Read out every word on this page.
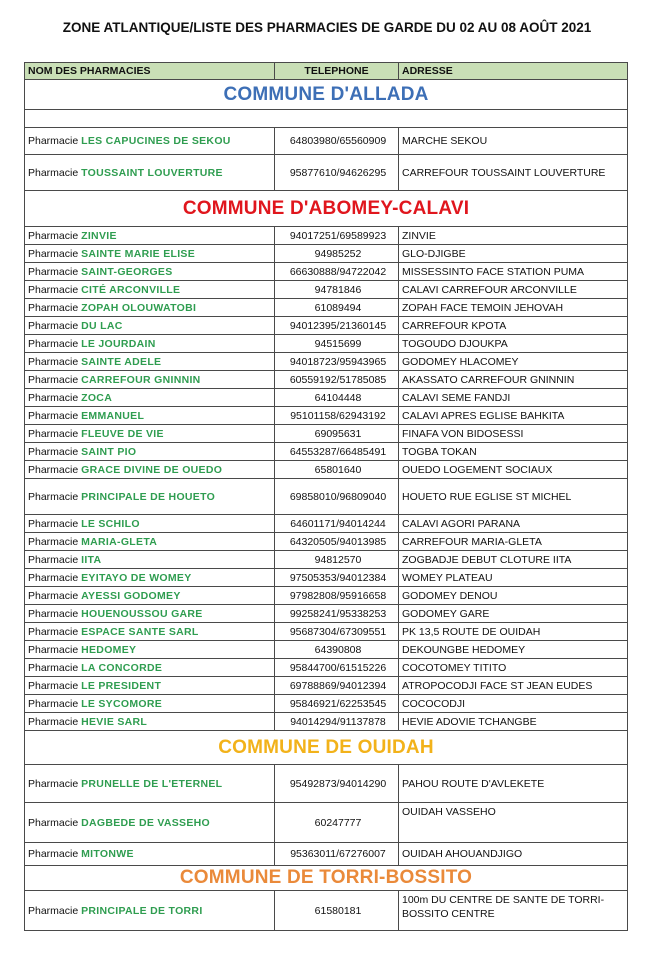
ZONE ATLANTIQUE/LISTE DES PHARMACIES DE GARDE DU 02 AU 08 AOÛT 2021
NOM DES PHARMACIES	TELEPHONE	ADRESSE
COMMUNE D'ALLADA		

Pharmacie LES CAPUCINES DE SEKOU	64803980/65560909	MARCHE SEKOU
Pharmacie TOUSSAINT LOUVERTURE	95877610/94626295	CARREFOUR TOUSSAINT LOUVERTURE
COMMUNE D'ABOMEY-CALAVI		
Pharmacie ZINVIE	94017251/69589923	ZINVIE
Pharmacie SAINTE MARIE ELISE	94985252	GLO-DJIGBE
Pharmacie SAINT-GEORGES	66630888/94722042	MISSESSINTO FACE STATION PUMA
Pharmacie CITÉ ARCONVILLE	94781846	CALAVI CARREFOUR ARCONVILLE
Pharmacie ZOPAH OLOUWATOBI	61089494	ZOPAH FACE TEMOIN JEHOVAH
Pharmacie DU LAC	94012395/21360145	CARREFOUR KPOTA
Pharmacie LE JOURDAIN	94515699	TOGOUDO DJOUKPA
Pharmacie SAINTE ADELE	94018723/95943965	GODOMEY HLACOMEY
Pharmacie CARREFOUR GNINNIN	60559192/51785085	AKASSATO CARREFOUR GNINNIN
Pharmacie ZOCA	64104448	CALAVI SEME FANDJI
Pharmacie EMMANUEL	95101158/62943192	CALAVI APRES EGLISE BAHKITA
Pharmacie FLEUVE DE VIE	69095631	FINAFA VON BIDOSESSI
Pharmacie SAINT PIO	64553287/66485491	TOGBA TOKAN
Pharmacie GRACE DIVINE DE OUEDO	65801640	OUEDO LOGEMENT SOCIAUX
Pharmacie PRINCIPALE DE HOUETO	69858010/96809040	HOUETO RUE EGLISE ST MICHEL
Pharmacie LE SCHILO	64601171/94014244	CALAVI AGORI PARANA
Pharmacie MARIA-GLETA	64320505/94013985	CARREFOUR MARIA-GLETA
Pharmacie IITA	94812570	ZOGBADJE DEBUT CLOTURE IITA
Pharmacie EYITAYO DE WOMEY	97505353/94012384	WOMEY PLATEAU
Pharmacie AYESSI GODOMEY	97982808/95916658	GODOMEY DENOU
Pharmacie HOUENOUSSOU GARE	99258241/95338253	GODOMEY GARE
Pharmacie ESPACE SANTE SARL	95687304/67309551	PK 13,5 ROUTE DE OUIDAH
Pharmacie HEDOMEY	64390808	DEKOUNGBE HEDOMEY
Pharmacie LA CONCORDE	95844700/61515226	COCOTOMEY TITITO
Pharmacie LE PRESIDENT	69788869/94012394	ATROPOCODJI FACE ST JEAN EUDES
Pharmacie LE SYCOMORE	95846921/62253545	COCOCODJI
Pharmacie HEVIE SARL	94014294/91137878	HEVIE ADOVIE TCHANGBE
COMMUNE DE OUIDAH		
Pharmacie PRUNELLE DE L'ETERNEL	95492873/94014290	PAHOU ROUTE D'AVLEKETE
Pharmacie DAGBEDE DE VASSEHO	60247777	OUIDAH VASSEHO
Pharmacie MITONWE	95363011/67276007	OUIDAH AHOUANDJIGO
COMMUNE DE TORRI-BOSSITO		
Pharmacie PRINCIPALE DE TORRI	61580181	100m DU CENTRE DE SANTE DE TORRI-BOSSITO CENTRE
